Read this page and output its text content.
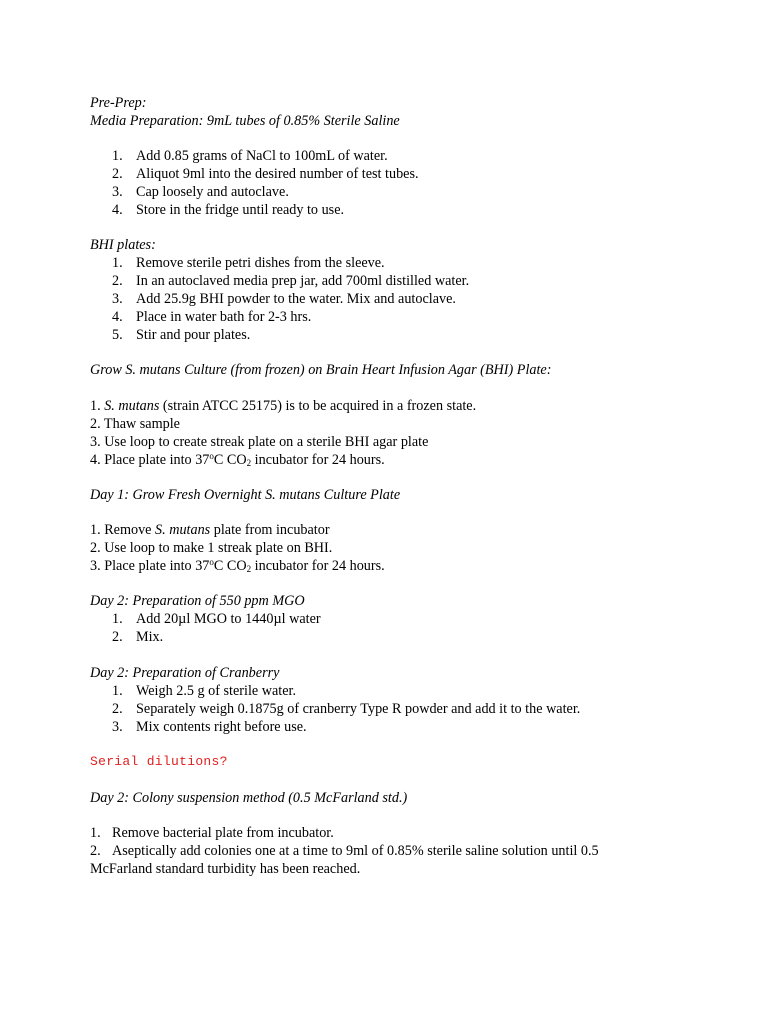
Pre-Prep:
Media Preparation: 9mL tubes of 0.85% Sterile Saline
1. Add 0.85 grams of NaCl to 100mL of water.
2. Aliquot 9ml into the desired number of test tubes.
3. Cap loosely and autoclave.
4. Store in the fridge until ready to use.
BHI plates:
1. Remove sterile petri dishes from the sleeve.
2. In an autoclaved media prep jar, add 700ml distilled water.
3. Add 25.9g BHI powder to the water. Mix and autoclave.
4. Place in water bath for 2-3 hrs.
5. Stir and pour plates.
Grow S. mutans Culture (from frozen) on Brain Heart Infusion Agar (BHI) Plate:
1. S. mutans (strain ATCC 25175) is to be acquired in a frozen state.
2. Thaw sample
3. Use loop to create streak plate on a sterile BHI agar plate
4. Place plate into 37$^o$C $CO_2$ incubator for 24 hours.
Day 1: Grow Fresh Overnight S. mutans Culture Plate
1. Remove S. mutans plate from incubator
2. Use loop to make 1 streak plate on BHI.
3. Place plate into 37$^o$C $CO_2$ incubator for 24 hours.
Day 2: Preparation of 550 ppm MGO
1. Add 20µl MGO to 1440µl water
2. Mix.
Day 2: Preparation of Cranberry
1. Weigh 2.5 g of sterile water.
2. Separately weigh 0.1875g of cranberry Type R powder and add it to the water.
3. Mix contents right before use.
Serial dilutions?
Day 2: Colony suspension method (0.5 McFarland std.)
1. Remove bacterial plate from incubator.
2. Aseptically add colonies one at a time to 9ml of 0.85% sterile saline solution until 0.5
McFarland standard turbidity has been reached.
